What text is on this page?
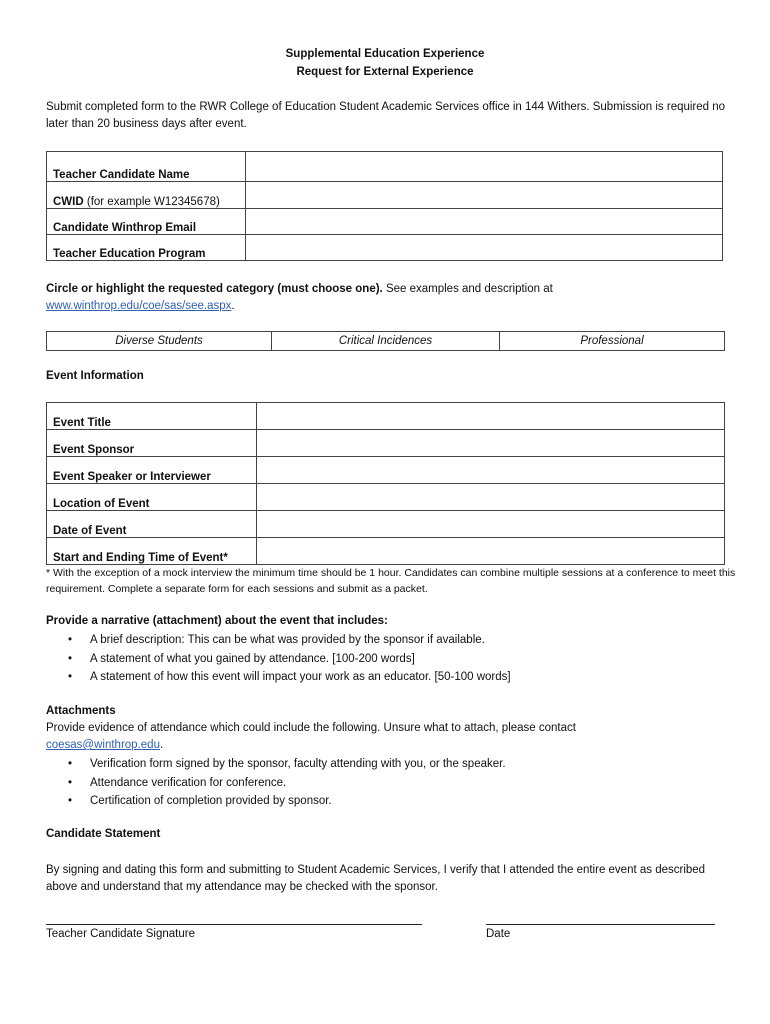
Supplemental Education Experience
Request for External Experience
Submit completed form to the RWR College of Education Student Academic Services office in 144 Withers. Submission is required no later than 20 business days after event.
Teacher Candidate Name	
CWID (for example W12345678)	
Candidate Winthrop Email	
Teacher Education Program	
Circle or highlight the requested category (must choose one). See examples and description at
www.winthrop.edu/coe/sas/see.aspx.
Diverse Students	Critical Incidences	Professional
Event Information
Event Title	
Event Sponsor	
Event Speaker or Interviewer	
Location of Event	
Date of Event	
Start and Ending Time of Event*	
* With the exception of a mock interview the minimum time should be 1 hour. Candidates can combine multiple sessions at a conference to meet this requirement. Complete a separate form for each sessions and submit as a packet.
Provide a narrative (attachment) about the event that includes:
• A brief description: This can be what was provided by the sponsor if available.
• A statement of what you gained by attendance. [100-200 words]
• A statement of how this event will impact your work as an educator. [50-100 words]
Attachments
Provide evidence of attendance which could include the following. Unsure what to attach, please contact
coesas@winthrop.edu.
• Verification form signed by the sponsor, faculty attending with you, or the speaker.
• Attendance verification for conference.
• Certification of completion provided by sponsor.
Candidate Statement
By signing and dating this form and submitting to Student Academic Services, I verify that I attended the entire event as described above and understand that my attendance may be checked with the sponsor.
Teacher Candidate Signature	Date
